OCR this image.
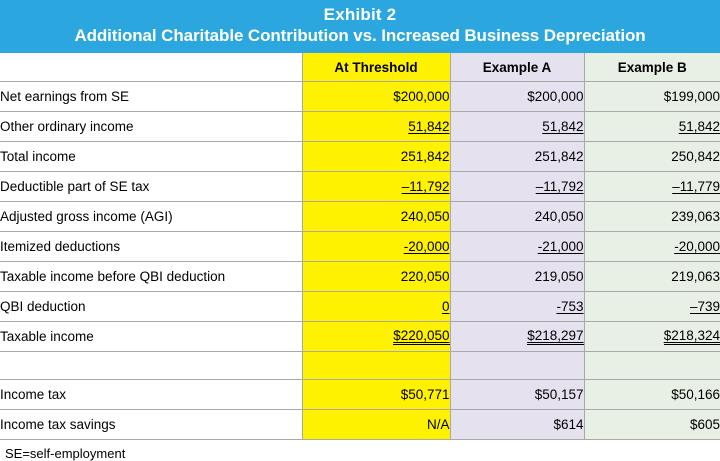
Exhibit 2
Additional Charitable Contribution vs. Increased Business Depreciation
	At Threshold	Example A	Example B
Net earnings from SE	$200,000	$200,000	$199,000
Other ordinary income	51,842	51,842	51,842
Total income	251,842	251,842	250,842
Deductible part of SE tax	–11,792	–11,792	–11,779
Adjusted gross income (AGI)	240,050	240,050	239,063
Itemized deductions	-20,000	-21,000	-20,000
Taxable income before QBI deduction	220,050	219,050	219,063
QBI deduction	0	-753	–739
Taxable income	$220,050	$218,297	$218,324

Income tax	$50,771	$50,157	$50,166
Income tax savings	N/A	$614	$605
SE=self-employment
